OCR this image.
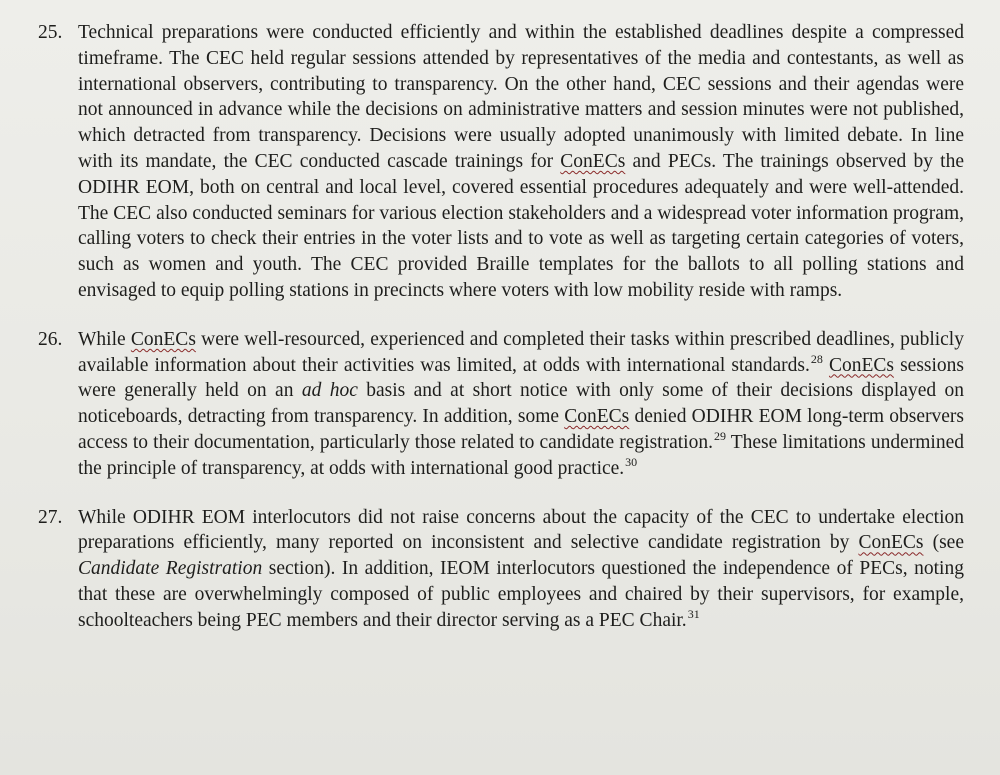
25. Technical preparations were conducted efficiently and within the established deadlines despite a compressed timeframe. The CEC held regular sessions attended by representatives of the media and contestants, as well as international observers, contributing to transparency. On the other hand, CEC sessions and their agendas were not announced in advance while the decisions on administrative matters and session minutes were not published, which detracted from transparency. Decisions were usually adopted unanimously with limited debate. In line with its mandate, the CEC conducted cascade trainings for ConECs and PECs. The trainings observed by the ODIHR EOM, both on central and local level, covered essential procedures adequately and were well-attended. The CEC also conducted seminars for various election stakeholders and a widespread voter information program, calling voters to check their entries in the voter lists and to vote as well as targeting certain categories of voters, such as women and youth. The CEC provided Braille templates for the ballots to all polling stations and envisaged to equip polling stations in precincts where voters with low mobility reside with ramps.
26. While ConECs were well-resourced, experienced and completed their tasks within prescribed deadlines, publicly available information about their activities was limited, at odds with international standards.$^{28}$ ConECs sessions were generally held on an ad hoc basis and at short notice with only some of their decisions displayed on noticeboards, detracting from transparency. In addition, some ConECs denied ODIHR EOM long-term observers access to their documentation, particularly those related to candidate registration.$^{29}$ These limitations undermined the principle of transparency, at odds with international good practice.$^{30}$
27. While ODIHR EOM interlocutors did not raise concerns about the capacity of the CEC to undertake election preparations efficiently, many reported on inconsistent and selective candidate registration by ConECs (see Candidate Registration section). In addition, IEOM interlocutors questioned the independence of PECs, noting that these are overwhelmingly composed of public employees and chaired by their supervisors, for example, schoolteachers being PEC members and their director serving as a PEC Chair.$^{31}$
